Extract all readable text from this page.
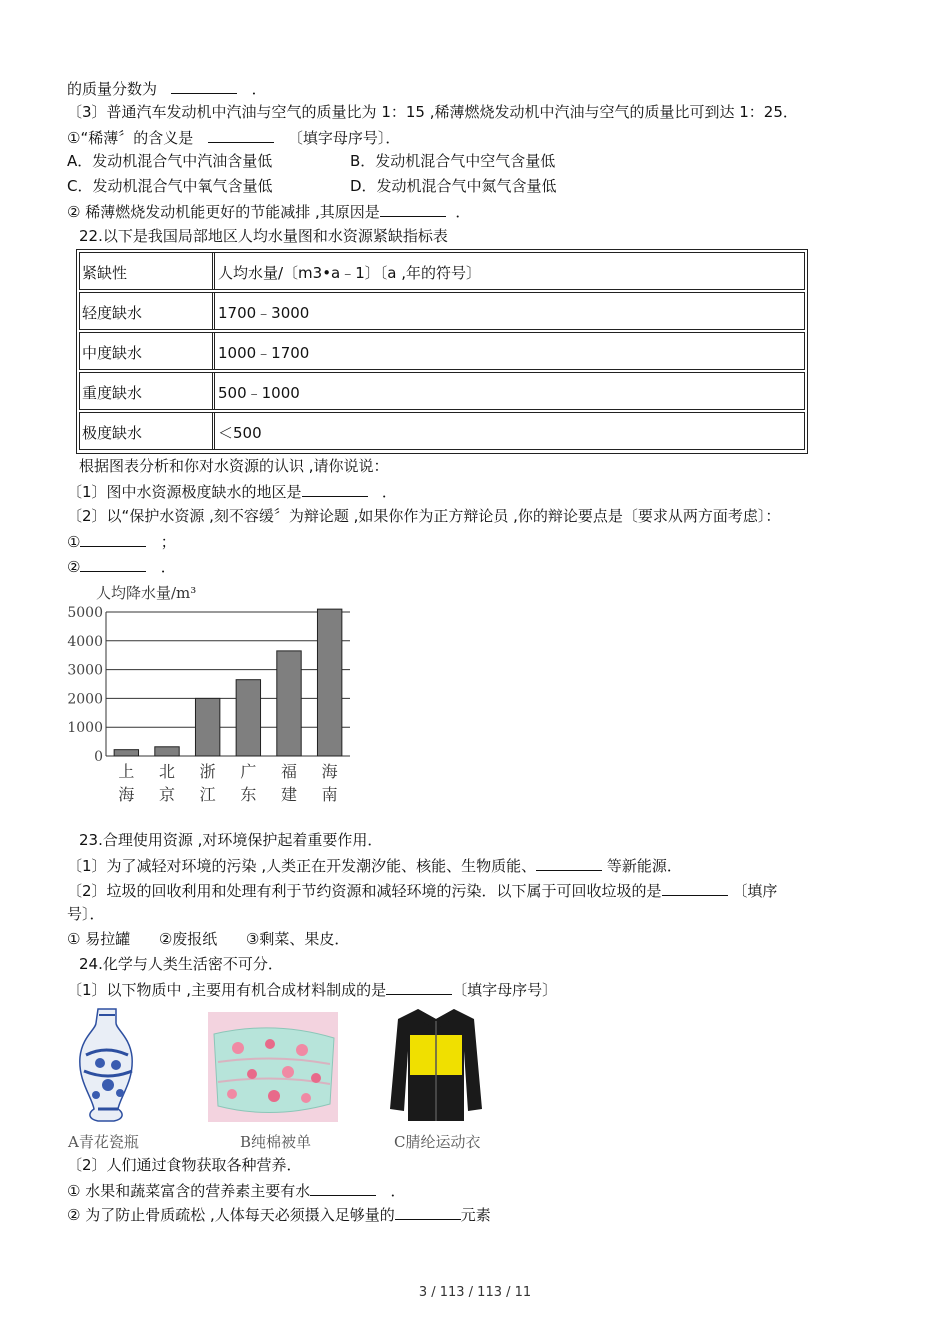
的质量分数为	．
〔3〕普通汽车发动机中汽油与空气的质量比为 1：15 ,稀薄燃烧发动机中汽油与空气的质量比可到达 1：25．
①“稀薄〞的含义是	〔填字母序号〕．
A．发动机混合气中汽油含量低	B．发动机混合气中空气含量低
C．发动机混合气中氧气含量低	D．发动机混合气中氮气含量低
② 稀薄燃烧发动机能更好的节能减排 ,其原因是	．
22.以下是我国局部地区人均水量图和水资源紧缺指标表
紧缺性	人均水量/〔m3•a﹣1〕〔a ,年的符号〕
轻度缺水	1700﹣3000
中度缺水	1000﹣1700
重度缺水	500﹣1000
极度缺水	＜500
根据图表分析和你对水资源的认识 ,请你说说：
〔1〕图中水资源极度缺水的地区是	．
〔2〕以“保护水资源 ,刻不容缓〞为辩论题 ,如果你作为正方辩论员 ,你的辩论要点是〔要求从两方面考虑〕：
①	；
②	．
人均降水量/m³
0
1000
2000
3000
4000
5000
上
海
北
京
浙
江
广
东
福
建
海
南
23.合理使用资源 ,对环境保护起着重要作用．
〔1〕为了减轻对环境的污染 ,人类正在开发潮汐能、核能、生物质能、	等新能源．
〔2〕垃圾的回收利用和处理有利于节约资源和减轻环境的污染．以下属于可回收垃圾的是	〔填序
号〕．
① 易拉罐      ②废报纸      ③剩菜、果皮．
24.化学与人类生活密不可分．
〔1〕以下物质中 ,主要用有机合成材料制成的是	〔填字母序号〕
A青花瓷瓶	B纯棉被单	C腈纶运动衣
〔2〕人们通过食物获取各种营养．
① 水果和蔬菜富含的营养素主要有水	．
② 为了防止骨质疏松 ,人体每天必须摄入足够量的	元素
3 / 113 / 113 / 11
